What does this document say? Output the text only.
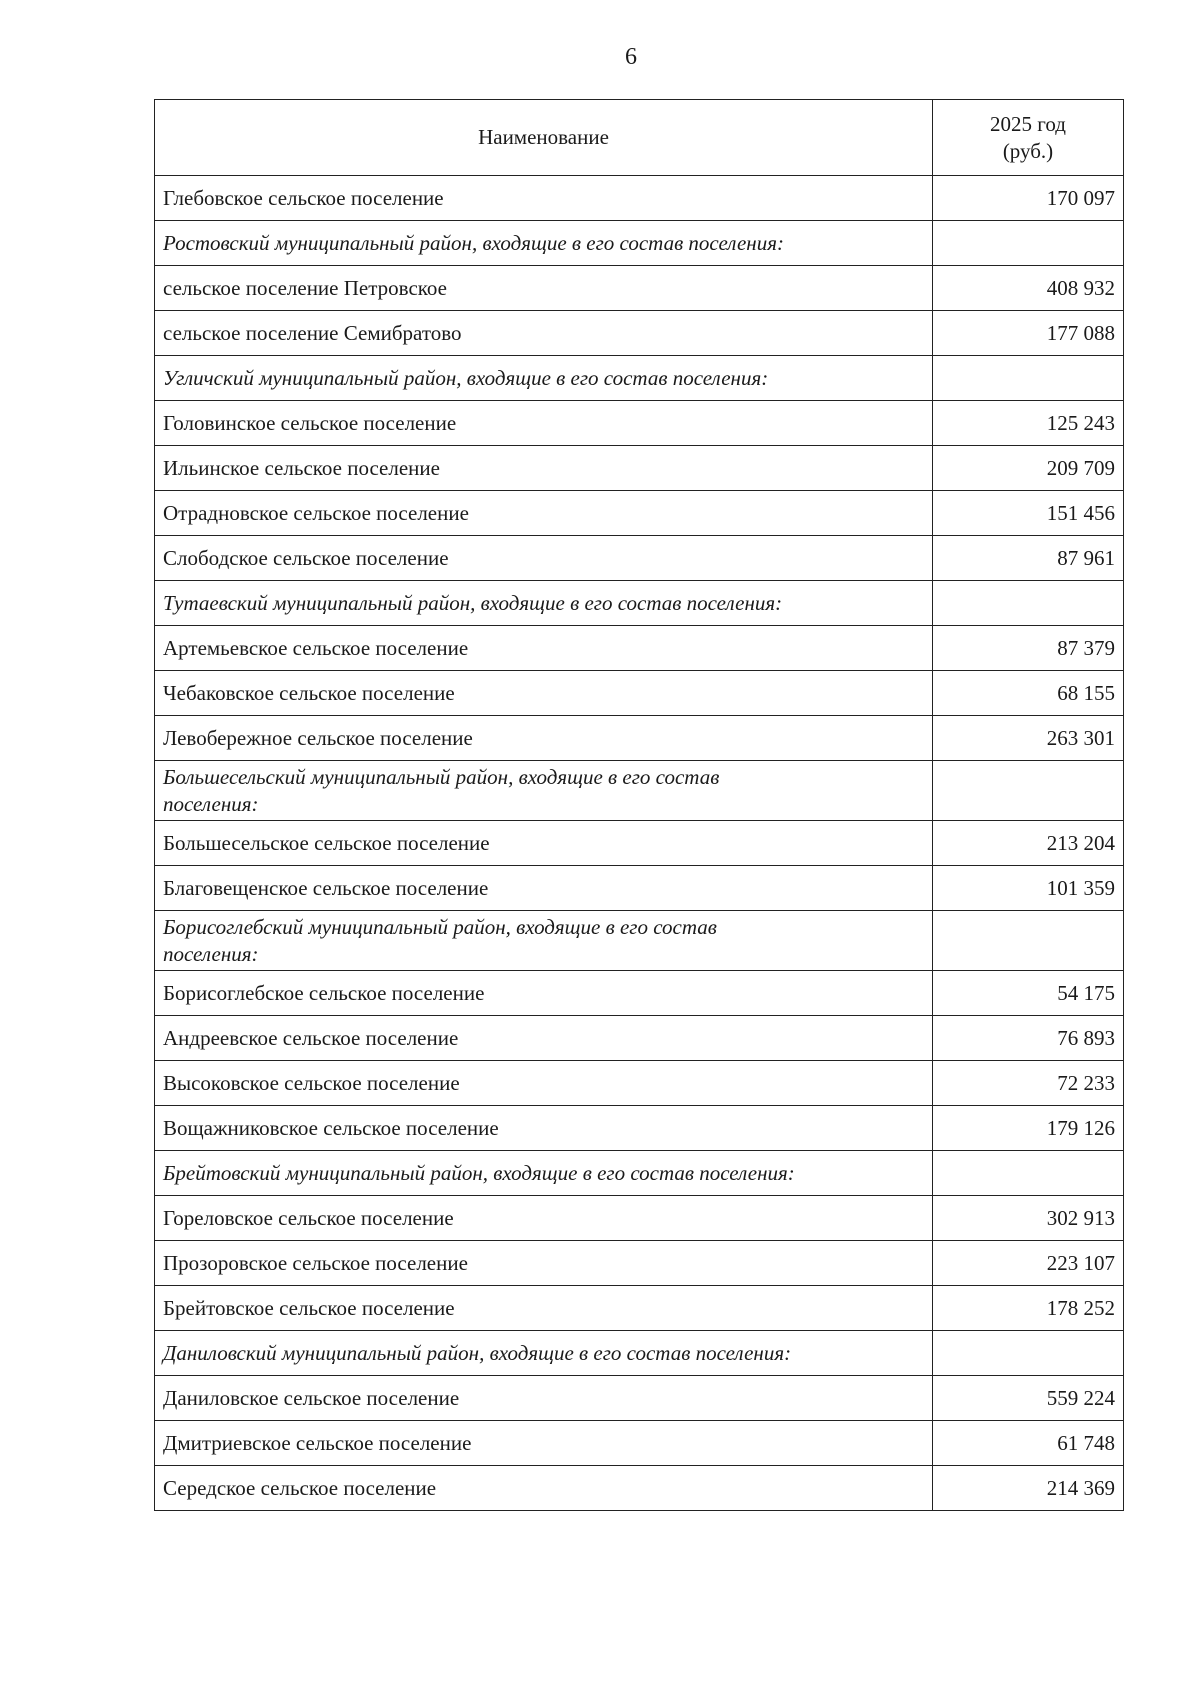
6
Наименование	2025 год
(руб.)

Глебовское сельское поселение	170 097
Ростовский муниципальный район, входящие в его состав поселения:	
сельское поселение Петровское	408 932
сельское поселение Семибратово	177 088
Угличский муниципальный район, входящие в его состав поселения:	
Головинское сельское поселение	125 243
Ильинское сельское поселение	209 709
Отрадновское сельское поселение	151 456
Слободское сельское поселение	87 961
Тутаевский муниципальный район, входящие в его состав поселения:	
Артемьевское сельское поселение	87 379
Чебаковское сельское поселение	68 155
Левобережное сельское поселение	263 301
Большесельский муниципальный район, входящие в его состав поселения:	
Большесельское сельское поселение	213 204
Благовещенское сельское поселение	101 359
Борисоглебский муниципальный район, входящие в его состав поселения:	
Борисоглебское сельское поселение	54 175
Андреевское сельское поселение	76 893
Высоковское сельское поселение	72 233
Вощажниковское сельское поселение	179 126
Брейтовский муниципальный район, входящие в его состав поселения:	
Гореловское сельское поселение	302 913
Прозоровское сельское поселение	223 107
Брейтовское сельское поселение	178 252
Даниловский муниципальный район, входящие в его состав поселения:	
Даниловское сельское поселение	559 224
Дмитриевское сельское поселение	61 748
Середское сельское поселение	214 369
